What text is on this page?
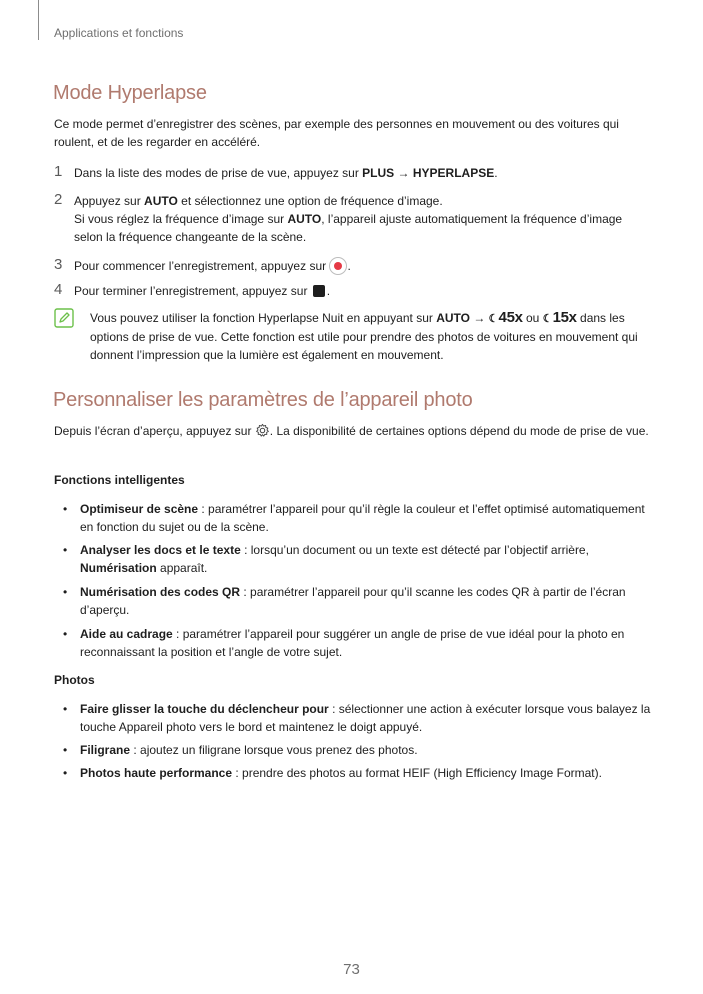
Applications et fonctions
Mode Hyperlapse
Ce mode permet d’enregistrer des scènes, par exemple des personnes en mouvement ou des voitures qui roulent, et de les regarder en accéléré.
1 Dans la liste des modes de prise de vue, appuyez sur PLUS → HYPERLAPSE.
2 Appuyez sur AUTO et sélectionnez une option de fréquence d’image.
Si vous réglez la fréquence d’image sur AUTO, l’appareil ajuste automatiquement la fréquence d’image selon la fréquence changeante de la scène.
3 Pour commencer l’enregistrement, appuyez sur .
4 Pour terminer l’enregistrement, appuyez sur .
Vous pouvez utiliser la fonction Hyperlapse Nuit en appuyant sur AUTO → ☾45x ou ☾15x dans les options de prise de vue. Cette fonction est utile pour prendre des photos de voitures en mouvement qui donnent l’impression que la lumière est également en mouvement.
Personnaliser les paramètres de l’appareil photo
Depuis l’écran d’aperçu, appuyez sur . La disponibilité de certaines options dépend du mode de prise de vue.
Fonctions intelligentes
• Optimiseur de scène : paramétrer l’appareil pour qu’il règle la couleur et l’effet optimisé automatiquement en fonction du sujet ou de la scène.
• Analyser les docs et le texte : lorsqu’un document ou un texte est détecté par l’objectif arrière, Numérisation apparaît.
• Numérisation des codes QR : paramétrer l’appareil pour qu’il scanne les codes QR à partir de l’écran d’aperçu.
• Aide au cadrage : paramétrer l’appareil pour suggérer un angle de prise de vue idéal pour la photo en reconnaissant la position et l’angle de votre sujet.
Photos
• Faire glisser la touche du déclencheur pour : sélectionner une action à exécuter lorsque vous balayez la touche Appareil photo vers le bord et maintenez le doigt appuyé.
• Filigrane : ajoutez un filigrane lorsque vous prenez des photos.
• Photos haute performance : prendre des photos au format HEIF (High Efficiency Image Format).
73
